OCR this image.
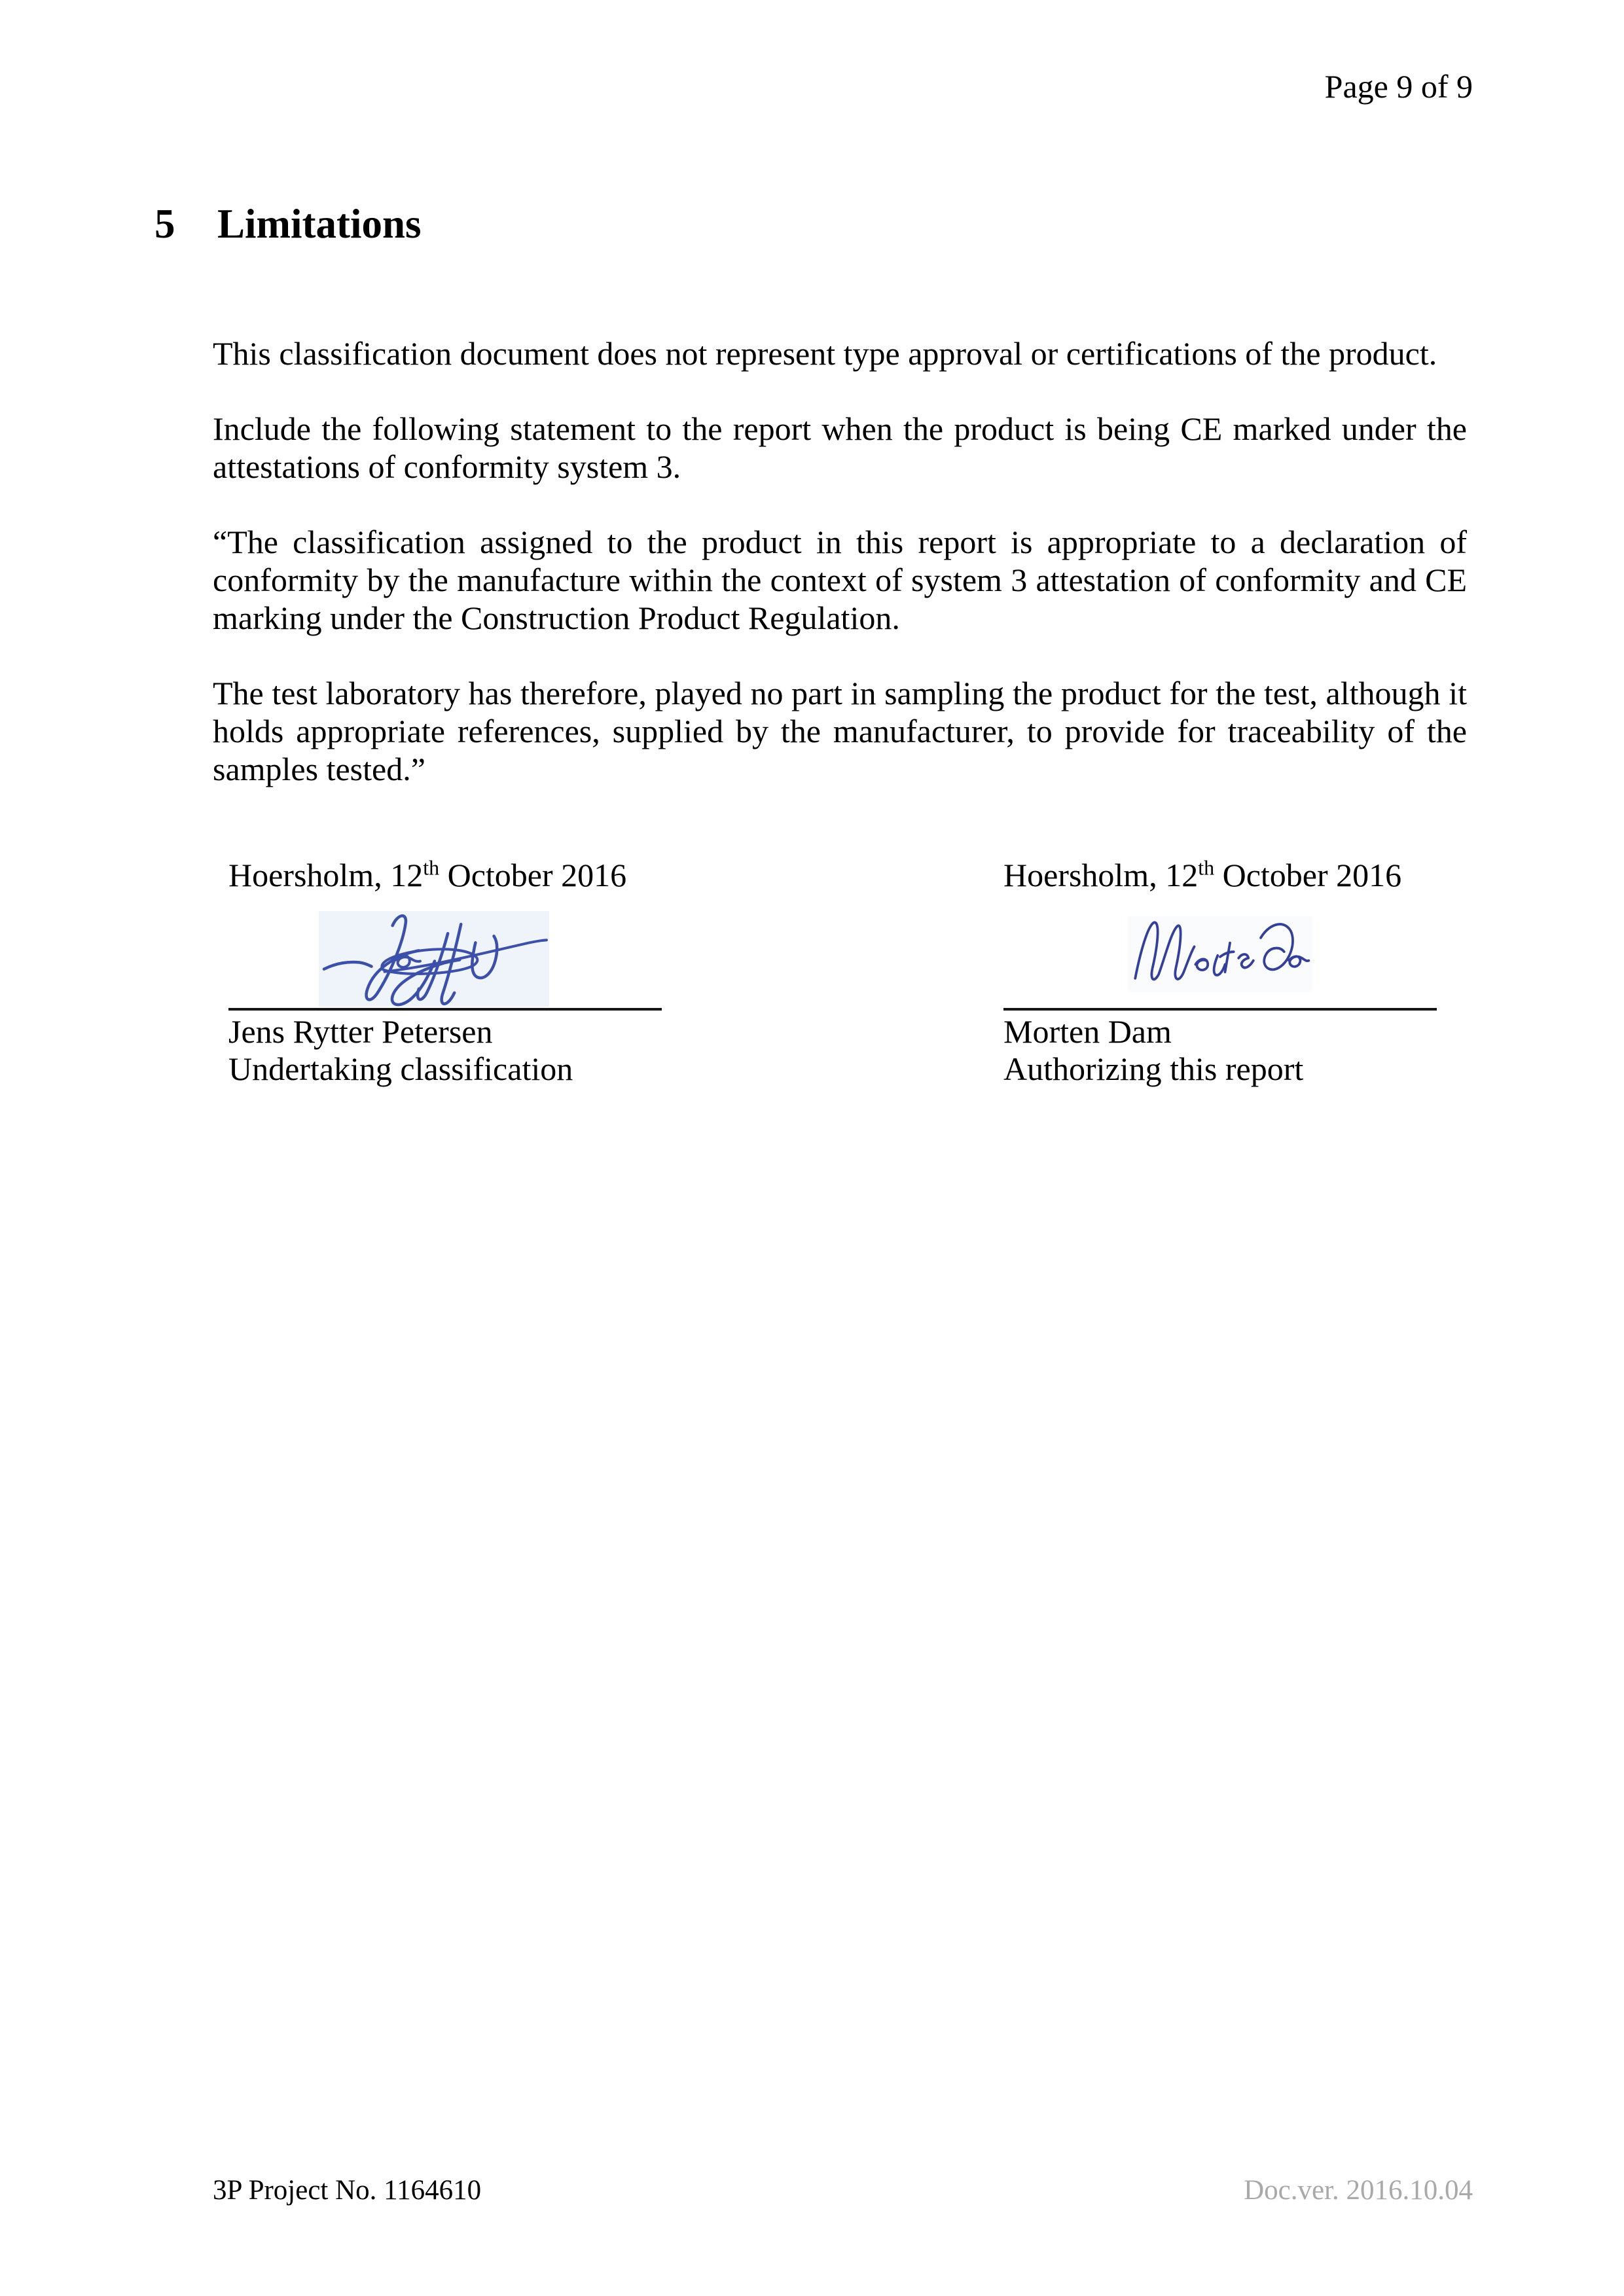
Page 9 of 9
5	Limitations

This classification document does not represent type approval or certifications of the product.

Include the following statement to the report when the product is being CE marked under the attestations of conformity system 3.

“The classification assigned to the product in this report is appropriate to a declaration of conformity by the manufacture within the context of system 3 attestation of conformity and CE marking under the Construction Product Regulation.

The test laboratory has therefore, played no part in sampling the product for the test, although it holds appropriate references, supplied by the manufacturer, to provide for traceability of the samples tested.”

Hoersholm, 12th October 2016
Jens Rytter Petersen
Undertaking classification
Hoersholm, 12th October 2016
Morten Dam
Authorizing this report
3P Project No. 1164610	Doc.ver. 2016.10.04
